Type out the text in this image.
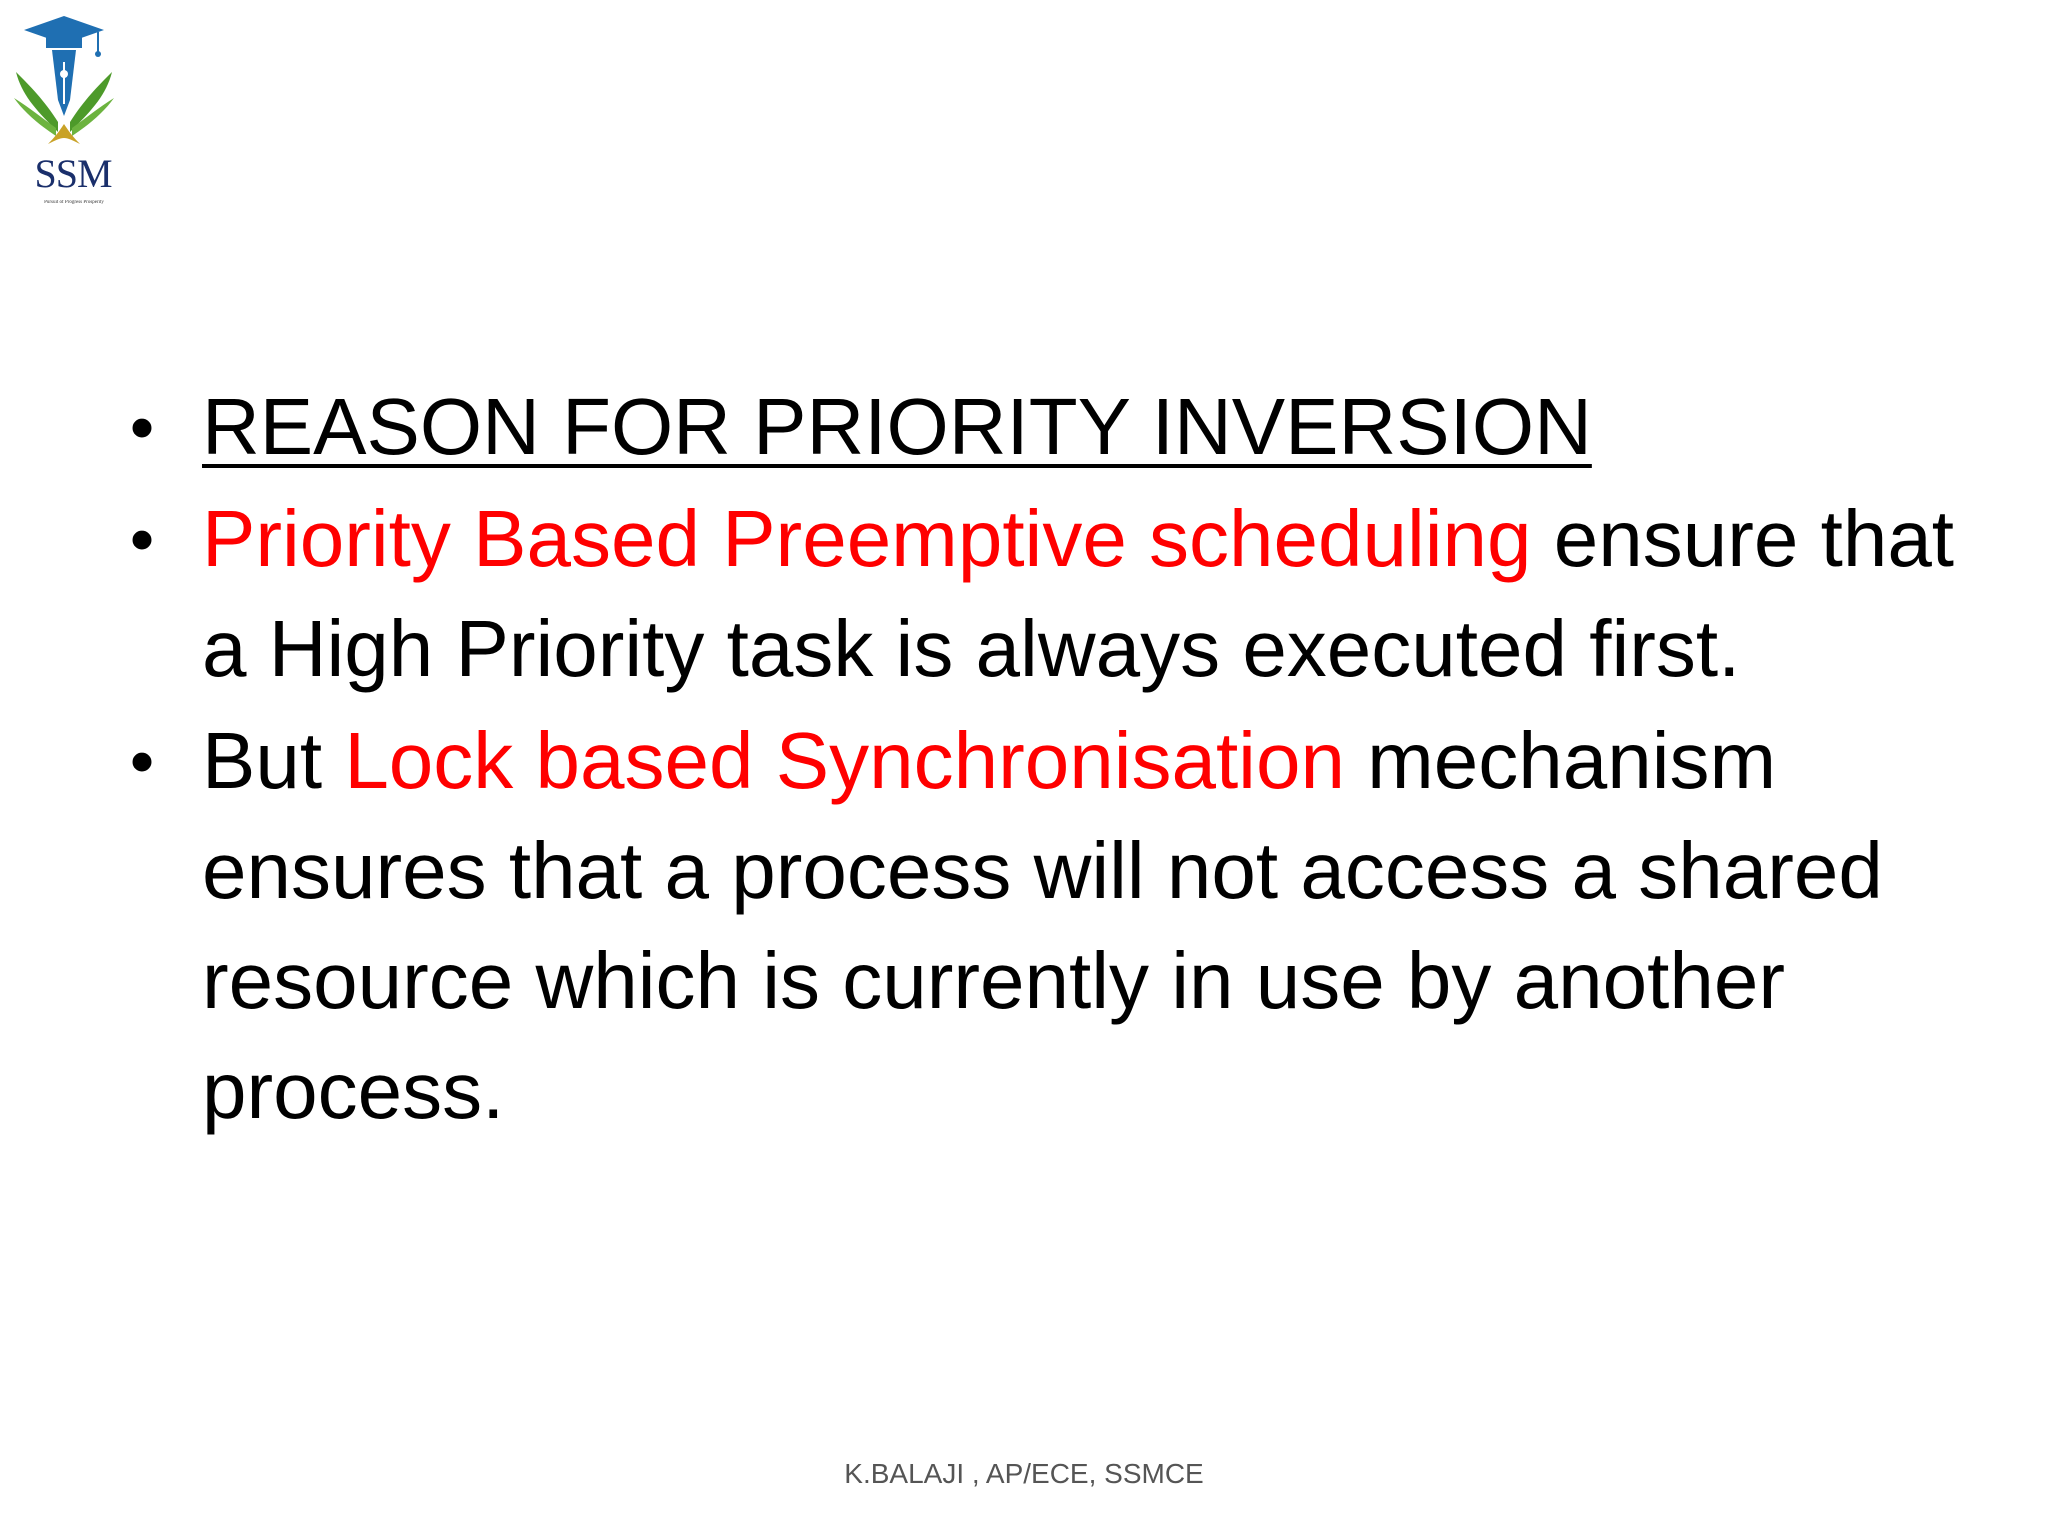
SSM
Pursuit of Progress Prosperity
• REASON FOR PRIORITY INVERSION
• Priority Based Preemptive scheduling ensure that a High Priority task is always executed first.
• But Lock based Synchronisation mechanism ensures that a process will not access a shared resource which is currently in use by another process.
K.BALAJI , AP/ECE, SSMCE
